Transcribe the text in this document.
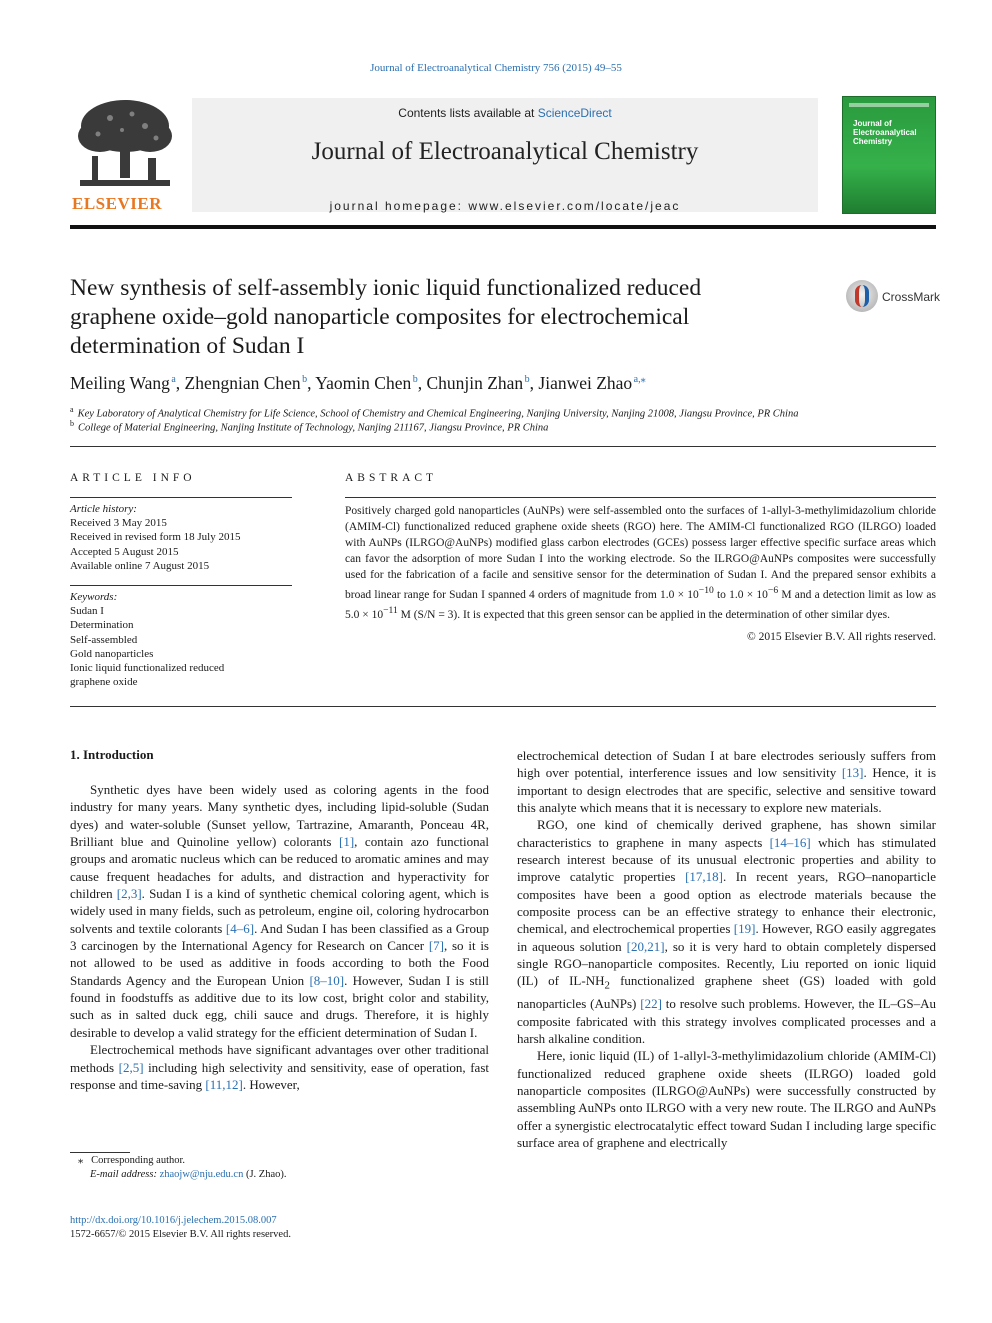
Journal of Electroanalytical Chemistry 756 (2015) 49–55
ELSEVIER
Contents lists available at ScienceDirect
Journal of Electroanalytical Chemistry
journal homepage: www.elsevier.com/locate/jeac
Journal of Electroanalytical Chemistry
New synthesis of self-assembly ionic liquid functionalized reduced graphene oxide–gold nanoparticle composites for electrochemical determination of Sudan I
CrossMark
Meiling Wang $^a$, Zhengnian Chen $^b$, Yaomin Chen $^b$, Chunjin Zhan $^b$, Jianwei Zhao $^{a,⁎}$
$^a$ Key Laboratory of Analytical Chemistry for Life Science, School of Chemistry and Chemical Engineering, Nanjing University, Nanjing 21008, Jiangsu Province, PR China
$^b$ College of Material Engineering, Nanjing Institute of Technology, Nanjing 211167, Jiangsu Province, PR China
ARTICLE INFO
Article history:
Received 3 May 2015
Received in revised form 18 July 2015
Accepted 5 August 2015
Available online 7 August 2015
Keywords:
Sudan I
Determination
Self-assembled
Gold nanoparticles
Ionic liquid functionalized reduced
graphene oxide
ABSTRACT
Positively charged gold nanoparticles (AuNPs) were self-assembled onto the surfaces of 1-allyl-3-methylimidazolium chloride (AMIM-Cl) functionalized reduced graphene oxide sheets (RGO) here. The AMIM-Cl functionalized RGO (ILRGO) loaded with AuNPs (ILRGO@AuNPs) modified glass carbon electrodes (GCEs) possess larger effective specific surface areas which can favor the adsorption of more Sudan I into the working electrode. So the ILRGO@AuNPs composites were successfully used for the fabrication of a facile and sensitive sensor for the determination of Sudan I. And the prepared sensor exhibits a broad linear range for Sudan I spanned 4 orders of magnitude from $1.0 \times 10^{-10}$ to $1.0 \times 10^{-6}$ M and a detection limit as low as $5.0 \times 10^{-11}$ M (S/N = 3). It is expected that this green sensor can be applied in the determination of other similar dyes.
© 2015 Elsevier B.V. All rights reserved.
1. Introduction

Synthetic dyes have been widely used as coloring agents in the food industry for many years. Many synthetic dyes, including lipid-soluble (Sudan dyes) and water-soluble (Sunset yellow, Tartrazine, Amaranth, Ponceau 4R, Brilliant blue and Quinoline yellow) colorants [1], contain azo functional groups and aromatic nucleus which can be reduced to aromatic amines and may cause frequent headaches for adults, and distraction and hyperactivity for children [2,3]. Sudan I is a kind of synthetic chemical coloring agent, which is widely used in many fields, such as petroleum, engine oil, coloring hydrocarbon solvents and textile colorants [4–6]. And Sudan I has been classified as a Group 3 carcinogen by the International Agency for Research on Cancer [7], so it is not allowed to be used as additive in foods according to both the Food Standards Agency and the European Union [8–10]. However, Sudan I is still found in foodstuffs as additive due to its low cost, bright color and stability, such as in salted duck egg, chili sauce and drugs. Therefore, it is highly desirable to develop a valid strategy for the efficient determination of Sudan I.

Electrochemical methods have significant advantages over other traditional methods [2,5] including high selectivity and sensitivity, ease of operation, fast response and time-saving [11,12]. However,

electrochemical detection of Sudan I at bare electrodes seriously suffers from high over potential, interference issues and low sensitivity [13]. Hence, it is important to design electrodes that are specific, selective and sensitive toward this analyte which means that it is necessary to explore new materials.

RGO, one kind of chemically derived graphene, has shown similar characteristics to graphene in many aspects [14–16] which has stimulated research interest because of its unusual electronic properties and ability to improve catalytic properties [17,18]. In recent years, RGO–nanoparticle composites have been a good option as electrode materials because the composite process can be an effective strategy to enhance their electronic, chemical, and electrochemical properties [19]. However, RGO easily aggregates in aqueous solution [20,21], so it is very hard to obtain completely dispersed single RGO–nanoparticle composites. Recently, Liu reported on ionic liquid (IL) of $IL-NH_2$ functionalized graphene sheet (GS) loaded with gold nanoparticles (AuNPs) [22] to resolve such problems. However, the IL–GS–Au composite fabricated with this strategy involves complicated processes and a harsh alkaline condition.

Here, ionic liquid (IL) of 1-allyl-3-methylimidazolium chloride (AMIM-Cl) functionalized reduced graphene oxide sheets (ILRGO) loaded gold nanoparticle composites (ILRGO@AuNPs) were successfully constructed by assembling AuNPs onto ILRGO with a very new route. The ILRGO and AuNPs offer a synergistic electrocatalytic effect toward Sudan I including large specific surface area of graphene and electrically

⁎ Corresponding author.
E-mail address: zhaojw@nju.edu.cn (J. Zhao).
http://dx.doi.org/10.1016/j.jelechem.2015.08.007
1572-6657/© 2015 Elsevier B.V. All rights reserved.
